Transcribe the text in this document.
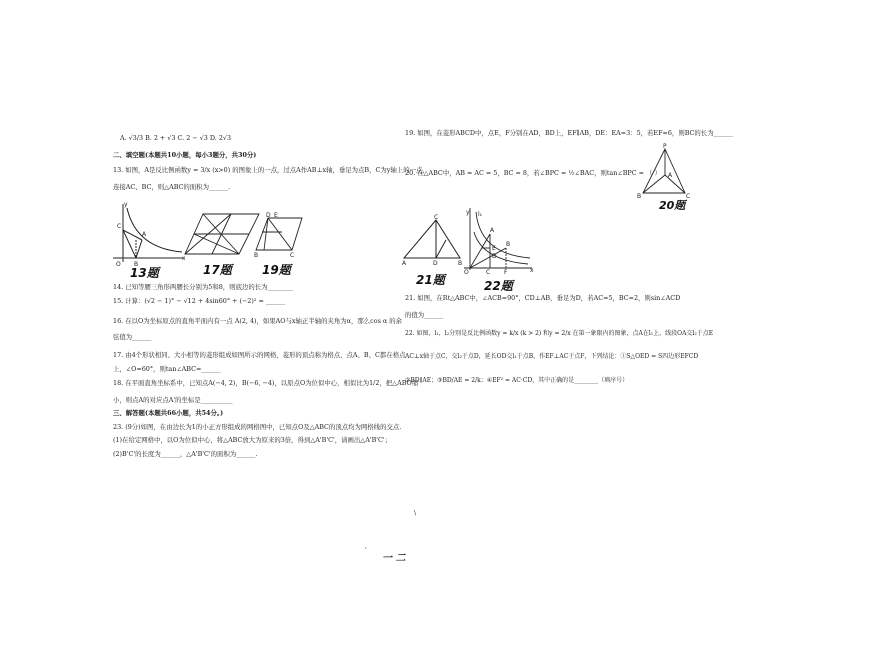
A. √3/3 B. 2 + √3 C. 2 − √3 D. 2√3
二、填空题(本题共10小题，每小3题分，共30分)
13. 如图，A是反比例函数y = 3/x (x>0) 的图象上的一点，过点A作AB⊥x轴，垂足为点B，C为y轴上的一点，
连接AC、BC，则△ABC的面积为______.
C
A
O B
x
y
13题	17题
D E
B	C
19题
14. 已知等腰三角形两腰长分别为5和8，则底边的长为________
15. 计算：(√2 − 1)° − √12 + 4sin60° + (−2)² = ______
16. 在以O为坐标原点的直角平面内有一点 A(2, 4)，如果AO与x轴正半轴的夹角为α，那么cos α 的余
弦值为______
17. 由4个形状相同、大小相等的菱形组成如图所示的网格，菱形的顶点称为格点，点A、B、C都在格点
上，∠O=60°，则tan∠ABC=______
18. 在平面直角坐标系中，已知点A(−4, 2)，B(−6, −4)，以原点O为位似中心，相似比为1/2，把△ABO缩
小，则点A的对应点A'的坐标是__________
三、解答题(本题共66小题，共54分。)
23. (9分)如图，在由边长为1的小正方形组成的网格图中，已知点O及△ABC的顶点均为网格线的交点.
(1)在给定网格中，以O为位似中心，将△ABC放大为原来的3倍，得到△A'B'C'，请画出△A'B'C'；
(2)B'C'的长度为______，△A'B'C'的面积为______.
19. 如图，在菱形ABCD中，点E，F分别在AD，BD上，EF∥AB，DE：EA=3：5，若EF=6，则BC的长为______
P
A
B	C
20题
20. 在△ABC中，AB = AC = 5，BC = 8，若∠BPC = ½∠BAC，则tan∠BPC = （ ）
C
A	D	B
21题
y l₁
A
B
E
D
O	C F	x
22题
21. 如图，在Rt△ABC中，∠ACB=90°，CD⊥AB，垂足为D，若AC=5，BC=2，则sin∠ACD
的值为______
22. 如图，l₁，l₂分别是反比例函数y = k/x (k > 2) 和y = 2/x 在第一象限内的图象，点A在l₁上，线段OA交l₂于点E
AC⊥x轴于点C，交l₂于点D，延长OD交l₁于点B，作EF⊥AC于点F，下列结论：①S△OED = S四边形EFCD
②BD∥AE；③BD/AE = 2/k；④EF² = AC·CD，其中正确的是________（填序号）
\
'
一 二
